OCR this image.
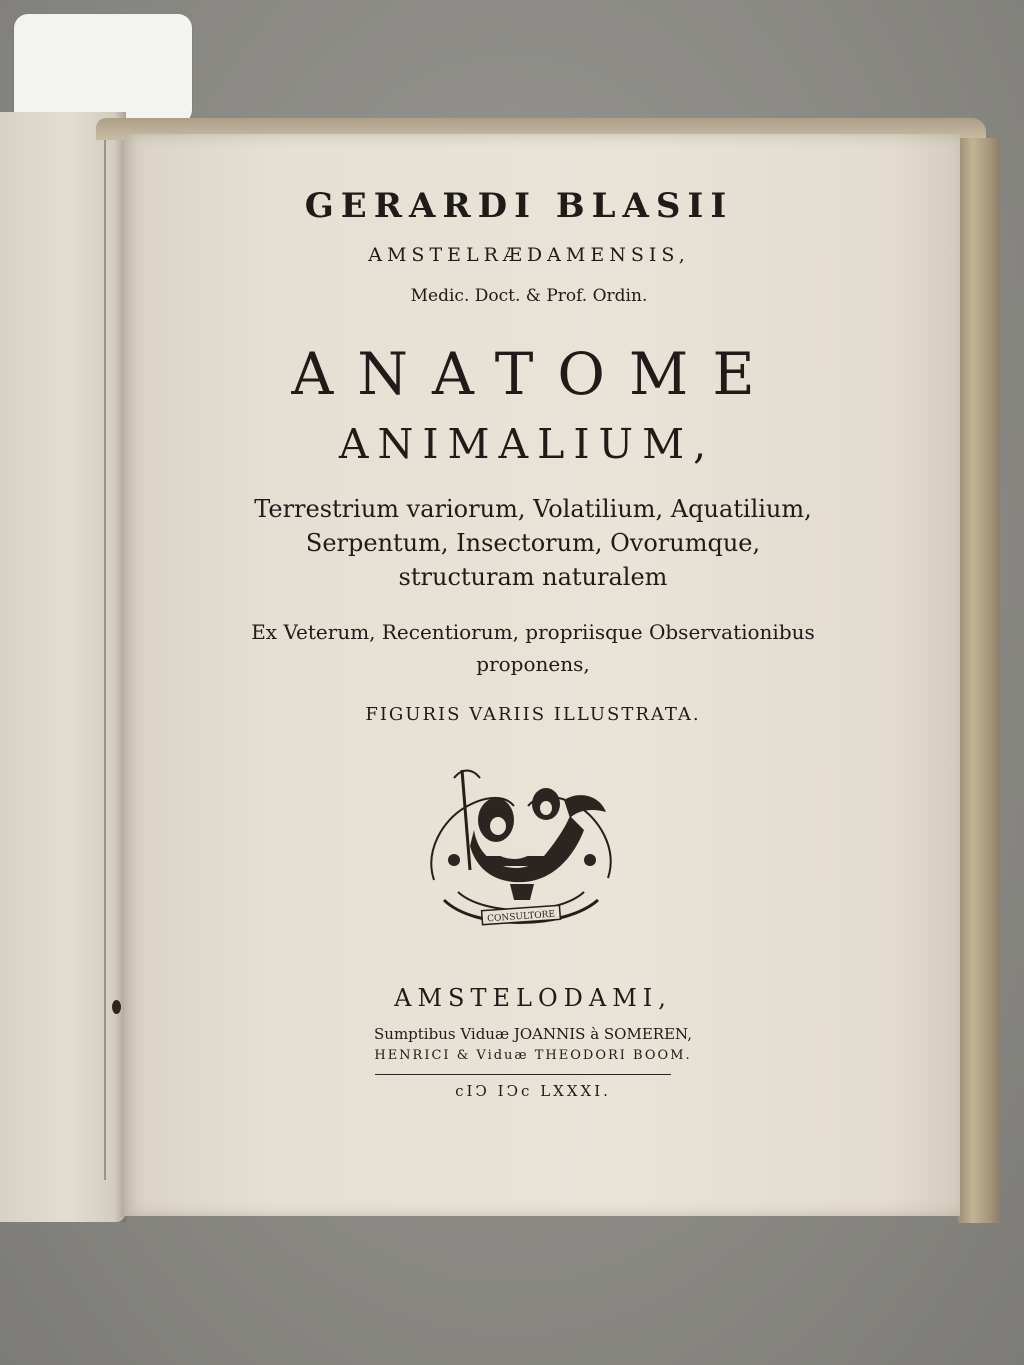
GERARDI BLASII
AMSTELRÆDAMENSIS,
Medic. Doct. & Prof. Ordin.
ANATOME
ANIMALIUM,
Terrestrium variorum, Volatilium, Aquatilium,
Serpentum, Insectorum, Ovorumque,
structuram naturalem
Ex Veterum, Recentiorum, propriisque Observationibus
proponens,
FIGURIS VARIIS ILLUSTRATA.
CONSULTORE
AMSTELODAMI,
Sumptibus Viduæ JOANNIS à SOMEREN,
HENRICI & Viduæ THEODORI BOOM.
cIↃ IↃc LXXXI.
